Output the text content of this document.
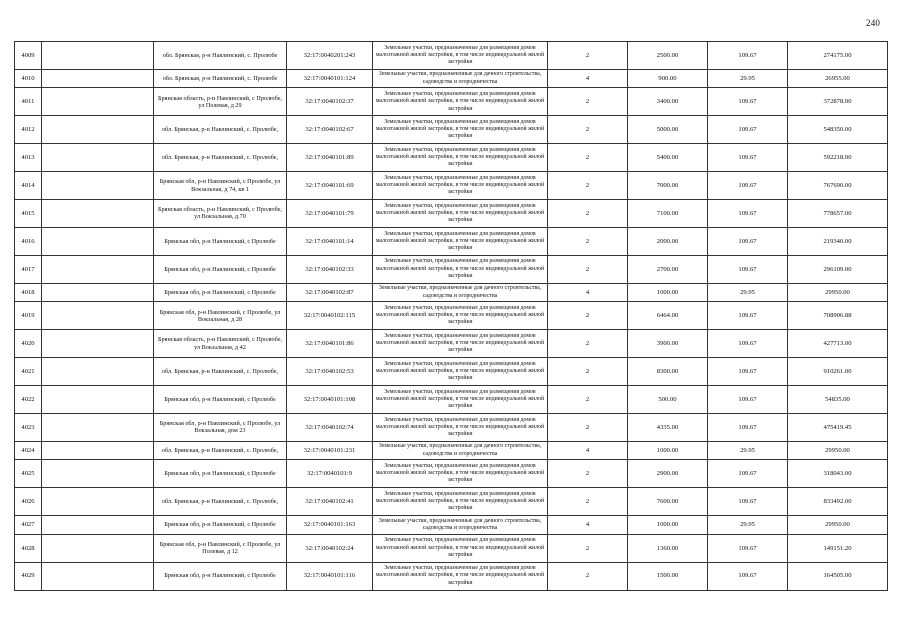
240
4009		обл. Брянская, р-н Навлинский, с. Пролюбе	32:17:0040201:243	Земельные участки, предназначенные для размещения домов малоэтажной жилой застройки, в том числе индивидуальной жилой застройки	2	2500.00	109.67	274175.00
4010		обл. Брянская, р-н Навлинский, с. Пролюбе	32:17:0040101:124	Земельные участки, предназначенные для дачного строительства, садоводства и огородничества	4	900.00	29.95	26955.00
4011		Брянская область, р-н Навлинский, с Пролюбе, ул Полевая, д 29	32:17:0040102:37	Земельные участки, предназначенные для размещения домов малоэтажной жилой застройки, в том числе индивидуальной жилой застройки	2	3400.00	109.67	372878.00
4012		обл. Брянская, р-н Навлинский, с. Пролюбе,	32:17:0040102:67	Земельные участки, предназначенные для размещения домов малоэтажной жилой застройки, в том числе индивидуальной жилой застройки	2	5000.00	109.67	548350.00
4013		обл. Брянская, р-н Навлинский, с. Пролюбе,	32:17:0040101:89	Земельные участки, предназначенные для размещения домов малоэтажной жилой застройки, в том числе индивидуальной жилой застройки	2	5400.00	109.67	592218.00
4014		Брянская обл, р-н Навлинский, с Пролюбе, ул Вокзальная, д 74, кв 1	32:17:0040101:69	Земельные участки, предназначенные для размещения домов малоэтажной жилой застройки, в том числе индивидуальной жилой застройки	2	7000.00	109.67	767690.00
4015		Брянская область, р-н Навлинский, с Пролюбе, ул Вокзальная, д.70	32:17:0040101:79	Земельные участки, предназначенные для размещения домов малоэтажной жилой застройки, в том числе индивидуальной жилой застройки	2	7100.00	109.67	778657.00
4016		Брянская обл, р-н Навлинский, с Пролюбе	32:17:0040101:14	Земельные участки, предназначенные для размещения домов малоэтажной жилой застройки, в том числе индивидуальной жилой застройки	2	2000.00	109.67	219340.00
4017		Брянская обл, р-н Навлинский, с Пролюбе	32:17:0040102:33	Земельные участки, предназначенные для размещения домов малоэтажной жилой застройки, в том числе индивидуальной жилой застройки	2	2700.00	109.67	296109.00
4018		Брянская обл, р-н Навлинский, с Пролюбе	32:17:0040102:87	Земельные участки, предназначенные для дачного строительства, садоводства и огородничества	4	1000.00	29.95	29950.00
4019		Брянская обл, р-н Навлинский, с Пролюбе, ул Вокзальная, д 28	32:17:0040102:115	Земельные участки, предназначенные для размещения домов малоэтажной жилой застройки, в том числе индивидуальной жилой застройки	2	6464.00	109.67	708906.88
4020		Брянская область, р-н Навлинский, с Пролюбе, ул Вокзальная, д 42	32:17:0040101:86	Земельные участки, предназначенные для размещения домов малоэтажной жилой застройки, в том числе индивидуальной жилой застройки	2	3900.00	109.67	427713.00
4021		обл. Брянская, р-н Навлинский, с. Пролюбе,	32:17:0040102:53	Земельные участки, предназначенные для размещения домов малоэтажной жилой застройки, в том числе индивидуальной жилой застройки	2	8300.00	109.67	910261.00
4022		Брянская обл, р-н Навлинский, с Пролюбе	32:17:0040101:108	Земельные участки, предназначенные для размещения домов малоэтажной жилой застройки, в том числе индивидуальной жилой застройки	2	500.00	109.67	54835.00
4023		Брянская обл, р-н Навлинский, с Пролюбе, ул Вокзальная, дом 23	32:17:0040102:74	Земельные участки, предназначенные для размещения домов малоэтажной жилой застройки, в том числе индивидуальной жилой застройки	2	4335.00	109.67	475419.45
4024		обл. Брянская, р-н Навлинский, с. Пролюбе,	32:17:0040101:231	Земельные участки, предназначенные для дачного строительства, садоводства и огородничества	4	1000.00	29.95	29950.00
4025		Брянская обл, р-н Навлинский, с Пролюбе	32:17:0040101:9	Земельные участки, предназначенные для размещения домов малоэтажной жилой застройки, в том числе индивидуальной жилой застройки	2	2900.00	109.67	318043.00
4026		обл. Брянская, р-н Навлинский, с. Пролюбе,	32:17:0040102:41	Земельные участки, предназначенные для размещения домов малоэтажной жилой застройки, в том числе индивидуальной жилой застройки	2	7600.00	109.67	833492.00
4027		Брянская обл, р-н Навлинский, с Пролюбе	32:17:0040101:163	Земельные участки, предназначенные для дачного строительства, садоводства и огородничества	4	1000.00	29.95	29950.00
4028		Брянская обл, р-н Навлинский, с Пролюбе, ул Полевая, д 12	32:17:0040102:24	Земельные участки, предназначенные для размещения домов малоэтажной жилой застройки, в том числе индивидуальной жилой застройки	2	1360.00	109.67	149151.20
4029		Брянская обл, р-н Навлинский, с Пролюбе	32:17:0040101:116	Земельные участки, предназначенные для размещения домов малоэтажной жилой застройки, в том числе индивидуальной жилой застройки	2	1500.00	109.67	164505.00
